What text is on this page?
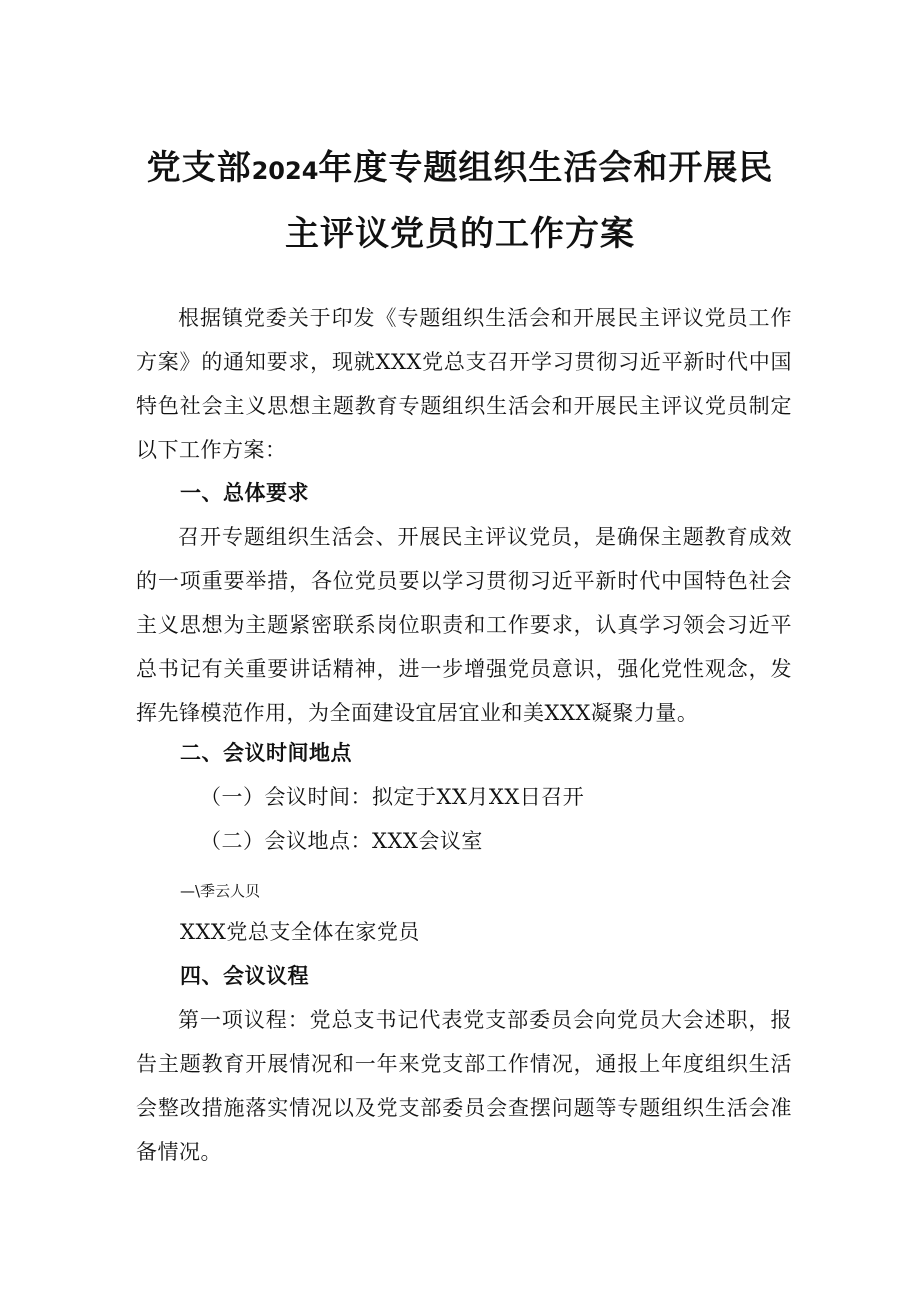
党支部2024年度专题组织生活会和开展民
主评议党员的工作方案
根据镇党委关于印发《专题组织生活会和开展民主评议党员工作方案》的通知要求，现就XXX党总支召开学习贯彻习近平新时代中国特色社会主义思想主题教育专题组织生活会和开展民主评议党员制定以下工作方案：
一、总体要求
召开专题组织生活会、开展民主评议党员，是确保主题教育成效的一项重要举措，各位党员要以学习贯彻习近平新时代中国特色社会主义思想为主题紧密联系岗位职责和工作要求，认真学习领会习近平总书记有关重要讲话精神，进一步增强党员意识，强化党性观念，发挥先锋模范作用，为全面建设宜居宜业和美XXX凝聚力量。
二、会议时间地点
（一）会议时间：拟定于XX月XX日召开
（二）会议地点：XXX会议室
—\季云人贝
XXX党总支全体在家党员
四、会议议程
第一项议程：党总支书记代表党支部委员会向党员大会述职，报告主题教育开展情况和一年来党支部工作情况，通报上年度组织生活会整改措施落实情况以及党支部委员会查摆问题等专题组织生活会准备情况。
